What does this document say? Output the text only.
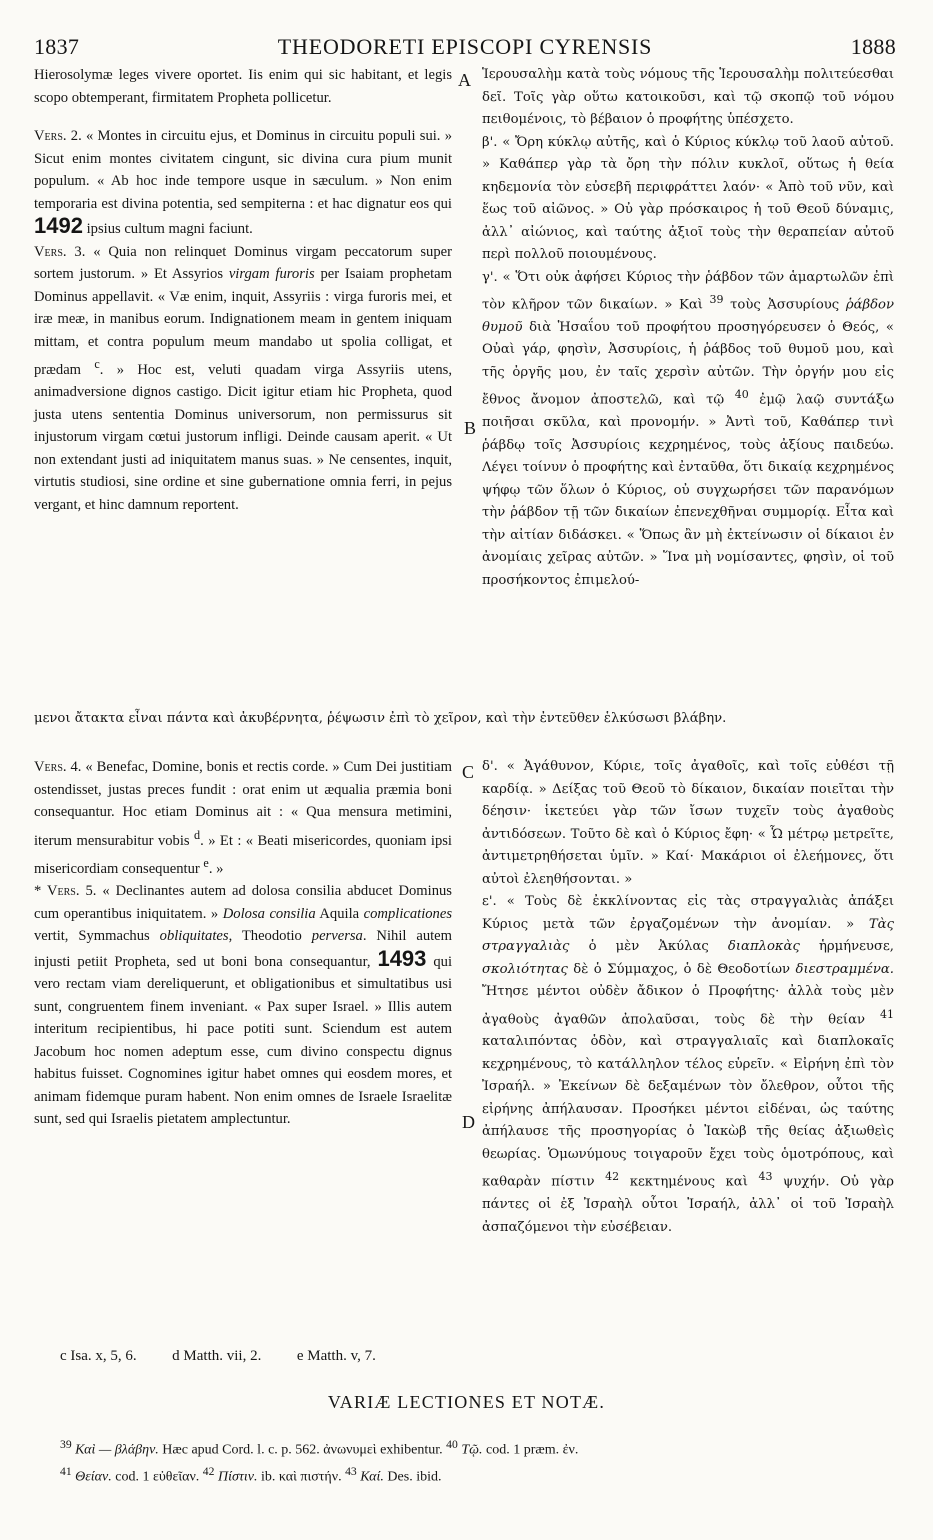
1837	THEODORETI EPISCOPI CYRENSIS	1888

Hierosolymæ leges vivere oportet. Iis enim qui sic habitant, et legis scopo obtemperant, firmitatem Propheta pollicetur.

Vers. 2. « Montes in circuitu ejus, et Dominus in circuitu populi sui. » Sicut enim montes civitatem cingunt, sic divina cura pium munit populum. « Ab hoc inde tempore usque in sæculum. » Non enim temporaria est divina potentia, sed sempiterna : et hac dignatur eos qui 1492 ipsius cultum magni faciunt.

Vers. 3. « Quia non relinquet Dominus virgam peccatorum super sortem justorum. » Et Assyrios virgam furoris per Isaiam prophetam Dominus appellavit. « Væ enim, inquit, Assyriis : virga furoris mei, et iræ meæ, in manibus eorum. Indignationem meam in gentem iniquam mittam, et contra populum meum mandabo ut spolia colligat, et prædam $^c$. » Hoc est, veluti quadam virga Assyriis utens, animadversione dignos castigo. Dicit igitur etiam hic Propheta, quod justa utens sententia Dominus universorum, non permissurus sit injustorum virgam cœtui justorum infligi. Deinde causam aperit. « Ut non extendant justi ad iniquitatem manus suas. » Ne censentes, inquit, virtutis studiosi, sine ordine et sine gubernatione omnia ferri, in pejus vergant, et hinc damnum reportent.

Ἱερουσαλὴμ κατὰ τοὺς νόμους τῆς Ἱερουσαλὴμ πολιτεύεσθαι δεῖ. Τοῖς γὰρ οὕτω κατοικοῦσι, καὶ τῷ σκοπῷ τοῦ νόμου πειθομένοις, τὸ βέβαιον ὁ προφήτης ὑπέσχετο.

β'. « Ὄρη κύκλῳ αὐτῆς, καὶ ὁ Κύριος κύκλῳ τοῦ λαοῦ αὐτοῦ. » Καθάπερ γὰρ τὰ ὄρη τὴν πόλιν κυκλοῖ, οὕτως ἡ θεία κηδεμονία τὸν εὐσεβῆ περιφράττει λαόν· « Ἀπὸ τοῦ νῦν, καὶ ἕως τοῦ αἰῶνος. » Οὐ γὰρ πρόσκαιρος ἡ τοῦ Θεοῦ δύναμις, ἀλλ᾽ αἰώνιος, καὶ ταύτης ἀξιοῖ τοὺς τὴν θεραπείαν αὐτοῦ περὶ πολλοῦ ποιουμένους.

γ'. « Ὅτι οὐκ ἀφήσει Κύριος τὴν ῥάβδον τῶν ἁμαρτωλῶν ἐπὶ τὸν κλῆρον τῶν δικαίων. » Καὶ $^{39}$ τοὺς Ἀσσυρίους ῥάβδον θυμοῦ διὰ Ἡσαΐου τοῦ προφήτου προσηγόρευσεν ὁ Θεός, « Οὐαὶ γάρ, φησὶν, Ἀσσυρίοις, ἡ ῥάβδος τοῦ θυμοῦ μου, καὶ τῆς ὀργῆς μου, ἐν ταῖς χερσὶν αὐτῶν. Τὴν ὀργήν μου εἰς ἔθνος ἄνομον ἀποστελῶ, καὶ τῷ $^{40}$ ἐμῷ λαῷ συντάξω ποιῆσαι σκῦλα, καὶ προνομήν. » Ἀντὶ τοῦ, Καθάπερ τινὶ ῥάβδῳ τοῖς Ἀσσυρίοις κεχρημένος, τοὺς ἀξίους παιδεύω. Λέγει τοίνυν ὁ προφήτης καὶ ἐνταῦθα, ὅτι δικαίᾳ κεχρημένος ψήφῳ τῶν ὅλων ὁ Κύριος, οὐ συγχωρήσει τῶν παρανόμων τὴν ῥάβδον τῇ τῶν δικαίων ἐπενεχθῆναι συμμορίᾳ. Εἶτα καὶ τὴν αἰτίαν διδάσκει. « Ὅπως ἂν μὴ ἐκτείνωσιν οἱ δίκαιοι ἐν ἀνομίαις χεῖρας αὐτῶν. » Ἵνα μὴ νομίσαντες, φησὶν, οἱ τοῦ προσήκοντος ἐπιμελού-

A
B
C
D
μενοι ἄτακτα εἶναι πάντα καὶ ἀκυβέρνητα, ῥέψωσιν ἐπὶ τὸ χεῖρον, καὶ τὴν ἐντεῦθεν ἑλκύσωσι βλάβην.

Vers. 4. « Benefac, Domine, bonis et rectis corde. » Cum Dei justitiam ostendisset, justas preces fundit : orat enim ut æqualia præmia boni consequantur. Hoc etiam Dominus ait : « Qua mensura metimini, iterum mensurabitur vobis $^d$. » Et : « Beati misericordes, quoniam ipsi misericordiam consequentur $^e$. »

* Vers. 5. « Declinantes autem ad dolosa consilia abducet Dominus cum operantibus iniquitatem. » Dolosa consilia Aquila complicationes vertit, Symmachus obliquitates, Theodotio perversa. Nihil autem injusti petiit Propheta, sed ut boni bona consequantur, 1493 qui vero rectam viam dereliquerunt, et obligationibus et simultatibus usi sunt, congruentem finem inveniant. « Pax super Israel. » Illis autem interitum recipientibus, hi pace potiti sunt. Sciendum est autem Jacobum hoc nomen adeptum esse, cum divino conspectu dignus habitus fuisset. Cognomines igitur habet omnes qui eosdem mores, et animam fidemque puram habent. Non enim omnes de Israele Israelitæ sunt, sed qui Israelis pietatem amplectuntur.

δ'. « Ἀγάθυνον, Κύριε, τοῖς ἀγαθοῖς, καὶ τοῖς εὐθέσι τῇ καρδίᾳ. » Δείξας τοῦ Θεοῦ τὸ δίκαιον, δικαίαν ποιεῖται τὴν δέησιν· ἱκετεύει γὰρ τῶν ἴσων τυχεῖν τοὺς ἀγαθοὺς ἀντιδόσεων. Τοῦτο δὲ καὶ ὁ Κύριος ἔφη· « Ὧ μέτρῳ μετρεῖτε, ἀντιμετρηθήσεται ὑμῖν. » Καί· Μακάριοι οἱ ἐλεήμονες, ὅτι αὐτοὶ ἐλεηθήσονται. »

ε'. « Τοὺς δὲ ἐκκλίνοντας εἰς τὰς στραγγαλιὰς ἀπάξει Κύριος μετὰ τῶν ἐργαζομένων τὴν ἀνομίαν. » Τὰς στραγγαλιὰς ὁ μὲν Ἀκύλας διαπλοκὰς ἡρμήνευσε, σκολιότητας δὲ ὁ Σύμμαχος, ὁ δὲ Θεοδοτίων διεστραμμένα. Ἤτησε μέντοι οὐδὲν ἄδικον ὁ Προφήτης· ἀλλὰ τοὺς μὲν ἀγαθοὺς ἀγαθῶν ἀπολαῦσαι, τοὺς δὲ τὴν θείαν $^{41}$ καταλιπόντας ὁδὸν, καὶ στραγγαλιαῖς καὶ διαπλοκαῖς κεχρημένους, τὸ κατάλληλον τέλος εὑρεῖν. « Εἰρήνη ἐπὶ τὸν Ἰσραήλ. » Ἐκείνων δὲ δεξαμένων τὸν ὄλεθρον, οὗτοι τῆς εἰρήνης ἀπήλαυσαν. Προσήκει μέντοι εἰδέναι, ὡς ταύτης ἀπήλαυσε τῆς προσηγορίας ὁ Ἰακὼβ τῆς θείας ἀξιωθεὶς θεωρίας. Ὁμωνύμους τοιγαροῦν ἔχει τοὺς ὁμοτρόπους, καὶ καθαρὰν πίστιν $^{42}$ κεκτημένους καὶ $^{43}$ ψυχήν. Οὐ γὰρ πάντες οἱ ἐξ Ἰσραὴλ οὗτοι Ἰσραήλ, ἀλλ᾽ οἱ τοῦ Ἰσραὴλ ἀσπαζόμενοι τὴν εὐσέβειαν.

c Isa. x, 5, 6. d Matth. vii, 2. e Matth. v, 7.
VARIÆ LECTIONES ET NOTÆ.
$^{39}$ Καὶ — βλάβην. Hæc apud Cord. l. c. p. 562. ἀνωνυμεὶ exhibentur. $^{40}$ Τῷ. cod. 1 præm. ἐν.
$^{41}$ Θείαν. cod. 1 εὐθεῖαν. $^{42}$ Πίστιν. ib. καὶ πιστήν. $^{43}$ Καί. Des. ibid.
